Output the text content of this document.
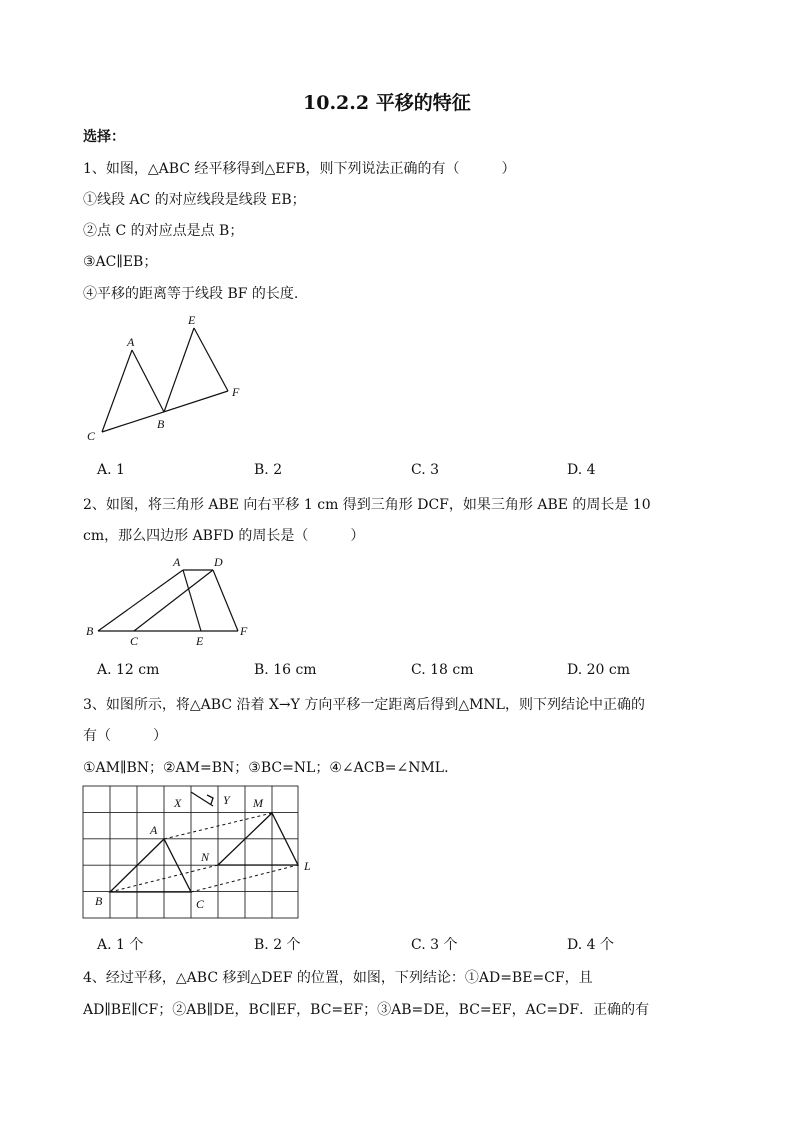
10.2.2 平移的特征
选择：
1、如图，△ABC 经平移得到△EFB，则下列说法正确的有（　　　）
①线段 AC 的对应线段是线段 EB；
②点 C 的对应点是点 B；
③AC∥EB；
④平移的距离等于线段 BF 的长度.
A
E
F
B
C
A. 1	B. 2	C. 3	D. 4
2、如图，将三角形 ABE 向右平移 1 cm 得到三角形 DCF，如果三角形 ABE 的周长是 10
cm，那么四边形 ABFD 的周长是（　　　）
A	D
B
C	E
F
A. 12 cm	B. 16 cm	C. 18 cm	D. 20 cm
3、如图所示，将△ABC 沿着 X→Y 方向平移一定距离后得到△MNL，则下列结论中正确的
有（　　　）
①AM∥BN；②AM=BN；③BC=NL；④∠ACB=∠NML.
X	Y M
A
N
L
B	C
A. 1 个	B. 2 个	C. 3 个	D. 4 个
4、经过平移，△ABC 移到△DEF 的位置，如图，下列结论：①AD=BE=CF，且
AD∥BE∥CF；②AB∥DE，BC∥EF，BC=EF；③AB=DE，BC=EF，AC=DF．正确的有
